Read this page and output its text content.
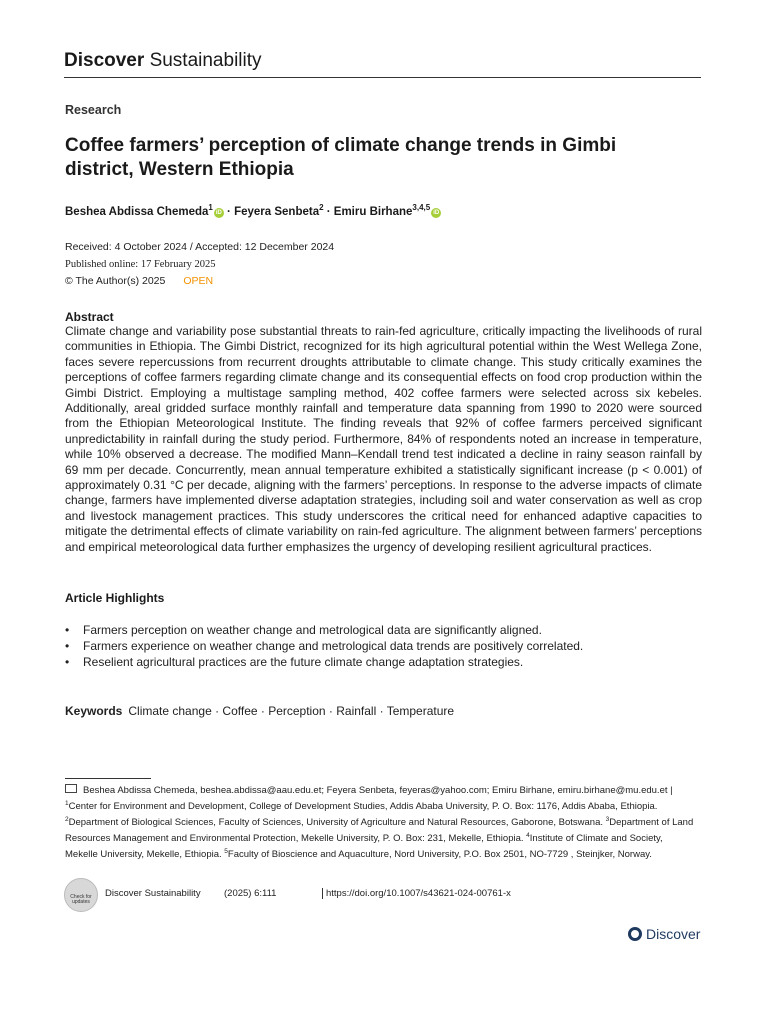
Discover Sustainability
Research
Coffee farmers’ perception of climate change trends in Gimbi district, Western Ethiopia
Beshea Abdissa Chemeda$^1$iD · Feyera Senbeta$^2$ · Emiru Birhane$^{3,4,5}$iD
Received: 4 October 2024 / Accepted: 12 December 2024
Published online: 17 February 2025
© The Author(s) 2025 OPEN
Abstract
Climate change and variability pose substantial threats to rain-fed agriculture, critically impacting the livelihoods of rural communities in Ethiopia. The Gimbi District, recognized for its high agricultural potential within the West Wellega Zone, faces severe repercussions from recurrent droughts attributable to climate change. This study critically examines the perceptions of coffee farmers regarding climate change and its consequential effects on food crop production within the Gimbi District. Employing a multistage sampling method, 402 coffee farmers were selected across six kebeles. Additionally, areal gridded surface monthly rainfall and temperature data spanning from 1990 to 2020 were sourced from the Ethiopian Meteorological Institute. The finding reveals that 92% of coffee farmers perceived significant unpredictability in rainfall during the study period. Furthermore, 84% of respondents noted an increase in temperature, while 10% observed a decrease. The modified Mann–Kendall trend test indicated a decline in rainy season rainfall by 69 mm per decade. Concurrently, mean annual temperature exhibited a statistically significant increase (p < 0.001) of approximately 0.31 °C per decade, aligning with the farmers’ perceptions. In response to the adverse impacts of climate change, farmers have implemented diverse adaptation strategies, including soil and water conservation as well as crop and livestock management practices. This study underscores the critical need for enhanced adaptive capacities to mitigate the detrimental effects of climate variability on rain-fed agriculture. The alignment between farmers’ perceptions and empirical meteorological data further emphasizes the urgency of developing resilient agricultural practices.
Article Highlights
• Farmers perception on weather change and metrological data are significantly aligned.
• Farmers experience on weather change and metrological data trends are positively correlated.
• Reselient agricultural practices are the future climate change adaptation strategies.
Keywords Climate change · Coffee · Perception · Rainfall · Temperature
Beshea Abdissa Chemeda, beshea.abdissa@aau.edu.et; Feyera Senbeta, feyeras@yahoo.com; Emiru Birhane, emiru.birhane@mu.edu.et | $^1$Center for Environment and Development, College of Development Studies, Addis Ababa University, P. O. Box: 1176, Addis Ababa, Ethiopia. $^2$Department of Biological Sciences, Faculty of Sciences, University of Agriculture and Natural Resources, Gaborone, Botswana. $^3$Department of Land Resources Management and Environmental Protection, Mekelle University, P. O. Box: 231, Mekelle, Ethiopia. $^4$Institute of Climate and Society, Mekelle University, Mekelle, Ethiopia. $^5$Faculty of Bioscience and Aquaculture, Nord University, P.O. Box 2501, NO-7729 , Steinjker, Norway.
Check for updates
Discover Sustainability (2025) 6:111	https://doi.org/10.1007/s43621-024-00761-x
Discover
